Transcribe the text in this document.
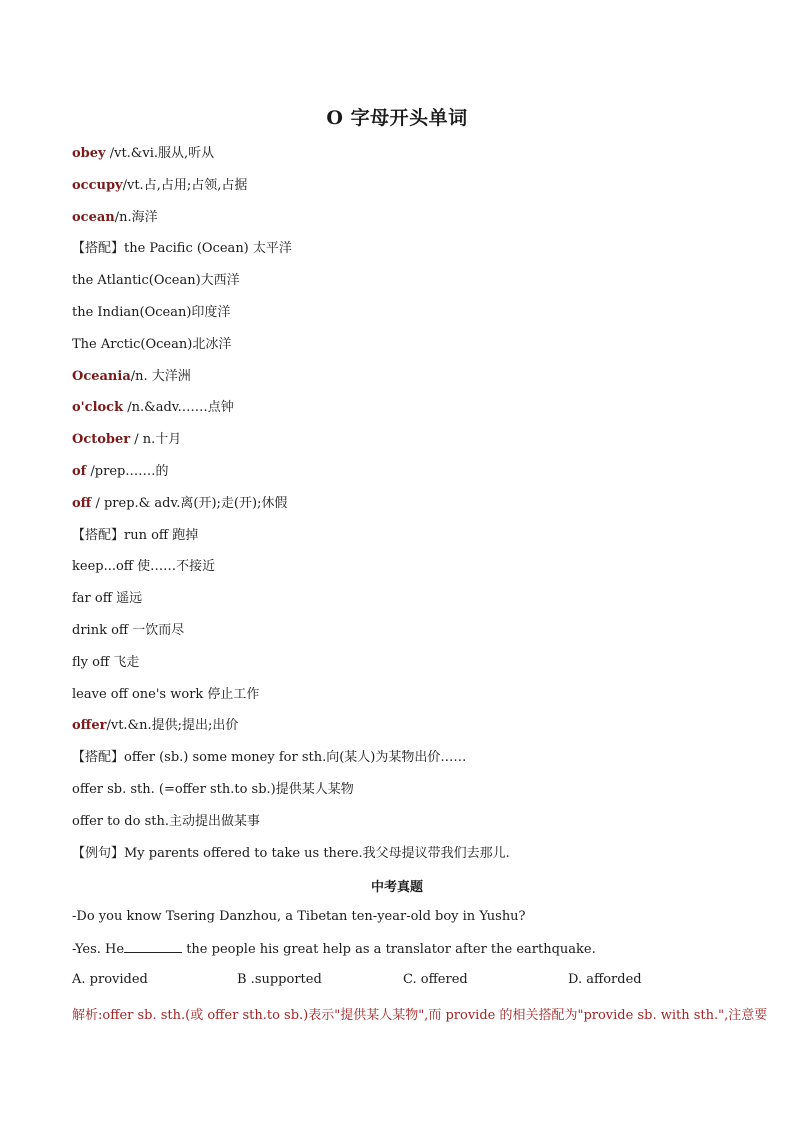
O 字母开头单词
obey /vt.&vi.服从,听从
occupy/vt.占,占用;占领,占据
ocean/n.海洋
【搭配】the Pacific (Ocean) 太平洋
the Atlantic(Ocean)大西洋
the Indian(Ocean)印度洋
The Arctic(Ocean)北冰洋
Oceania/n. 大洋洲
o'clock /n.&adv.……点钟
October / n.十月
of /prep.……的
off / prep.& adv.离(开);走(开);休假
【搭配】run off 跑掉
keep...off 使……不接近
far off 遥远
drink off 一饮而尽
fly off 飞走
leave off one's work 停止工作
offer/vt.&n.提供;提出;出价
【搭配】offer (sb.) some money for sth.向(某人)为某物出价……
offer sb. sth. (=offer sth.to sb.)提供某人某物
offer to do sth.主动提出做某事
【例句】My parents offered to take us there.我父母提议带我们去那儿.
中考真题
-Do you know Tsering Danzhou, a Tibetan ten-year-old boy in Yushu?
-Yes. He	the people his great help as a translator after the earthquake.
A. provided	B .supported	C. offered	D. afforded
解析:offer sb. sth.(或 offer sth.to sb.)表示"提供某人某物",而 provide 的相关搭配为"provide sb. with sth.",注意要
